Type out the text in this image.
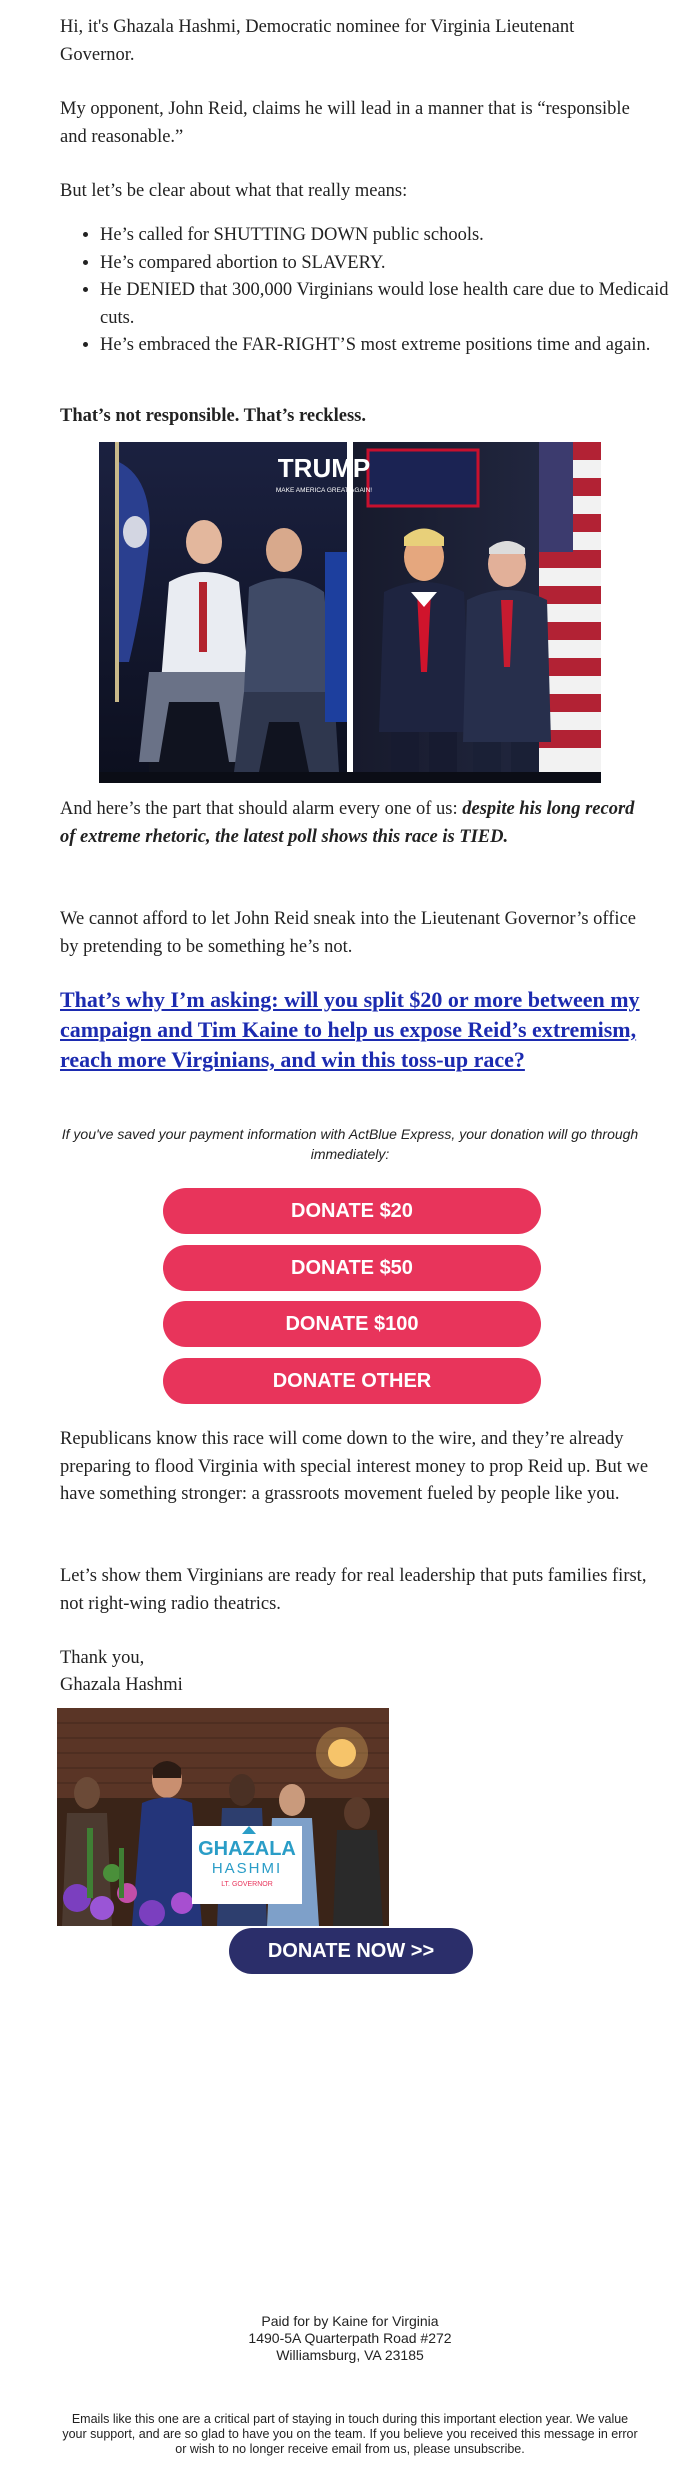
Hi, it's Ghazala Hashmi, Democratic nominee for Virginia Lieutenant Governor.

My opponent, John Reid, claims he will lead in a manner that is “responsible and reasonable.”

But let’s be clear about what that really means:

• He’s called for SHUTTING DOWN public schools.
• He’s compared abortion to SLAVERY.
• He DENIED that 300,000 Virginians would lose health care due to Medicaid cuts.
• He’s embraced the FAR-RIGHT’S most extreme positions time and again.

That’s not responsible. That’s reckless.

TRUMP
MAKE AMERICA GREAT AGAIN!

And here’s the part that should alarm every one of us: despite his long record of extreme rhetoric, the latest poll shows this race is TIED.

We cannot afford to let John Reid sneak into the Lieutenant Governor’s office by pretending to be something he’s not.

That’s why I’m asking: will you split $20 or more between my campaign and Tim Kaine to help us expose Reid’s extremism, reach more Virginians, and win this toss-up race?

If you've saved your payment information with ActBlue Express, your donation will go through immediately:

DONATE $20
DONATE $50
DONATE $100
DONATE OTHER

Republicans know this race will come down to the wire, and they’re already preparing to flood Virginia with special interest money to prop Reid up. But we have something stronger: a grassroots movement fueled by people like you.

Let’s show them Virginians are ready for real leadership that puts families first, not right-wing radio theatrics.

Thank you,

Ghazala Hashmi

GHAZALA
HASHMI
LT. GOVERNOR
DONATE NOW >>

Paid for by Kaine for Virginia

1490-5A Quarterpath Road #272

Williamsburg, VA 23185

Emails like this one are a critical part of staying in touch during this important election year. We value your support, and are so glad to have you on the team. If you believe you received this message in error or wish to no longer receive email from us, please unsubscribe.
